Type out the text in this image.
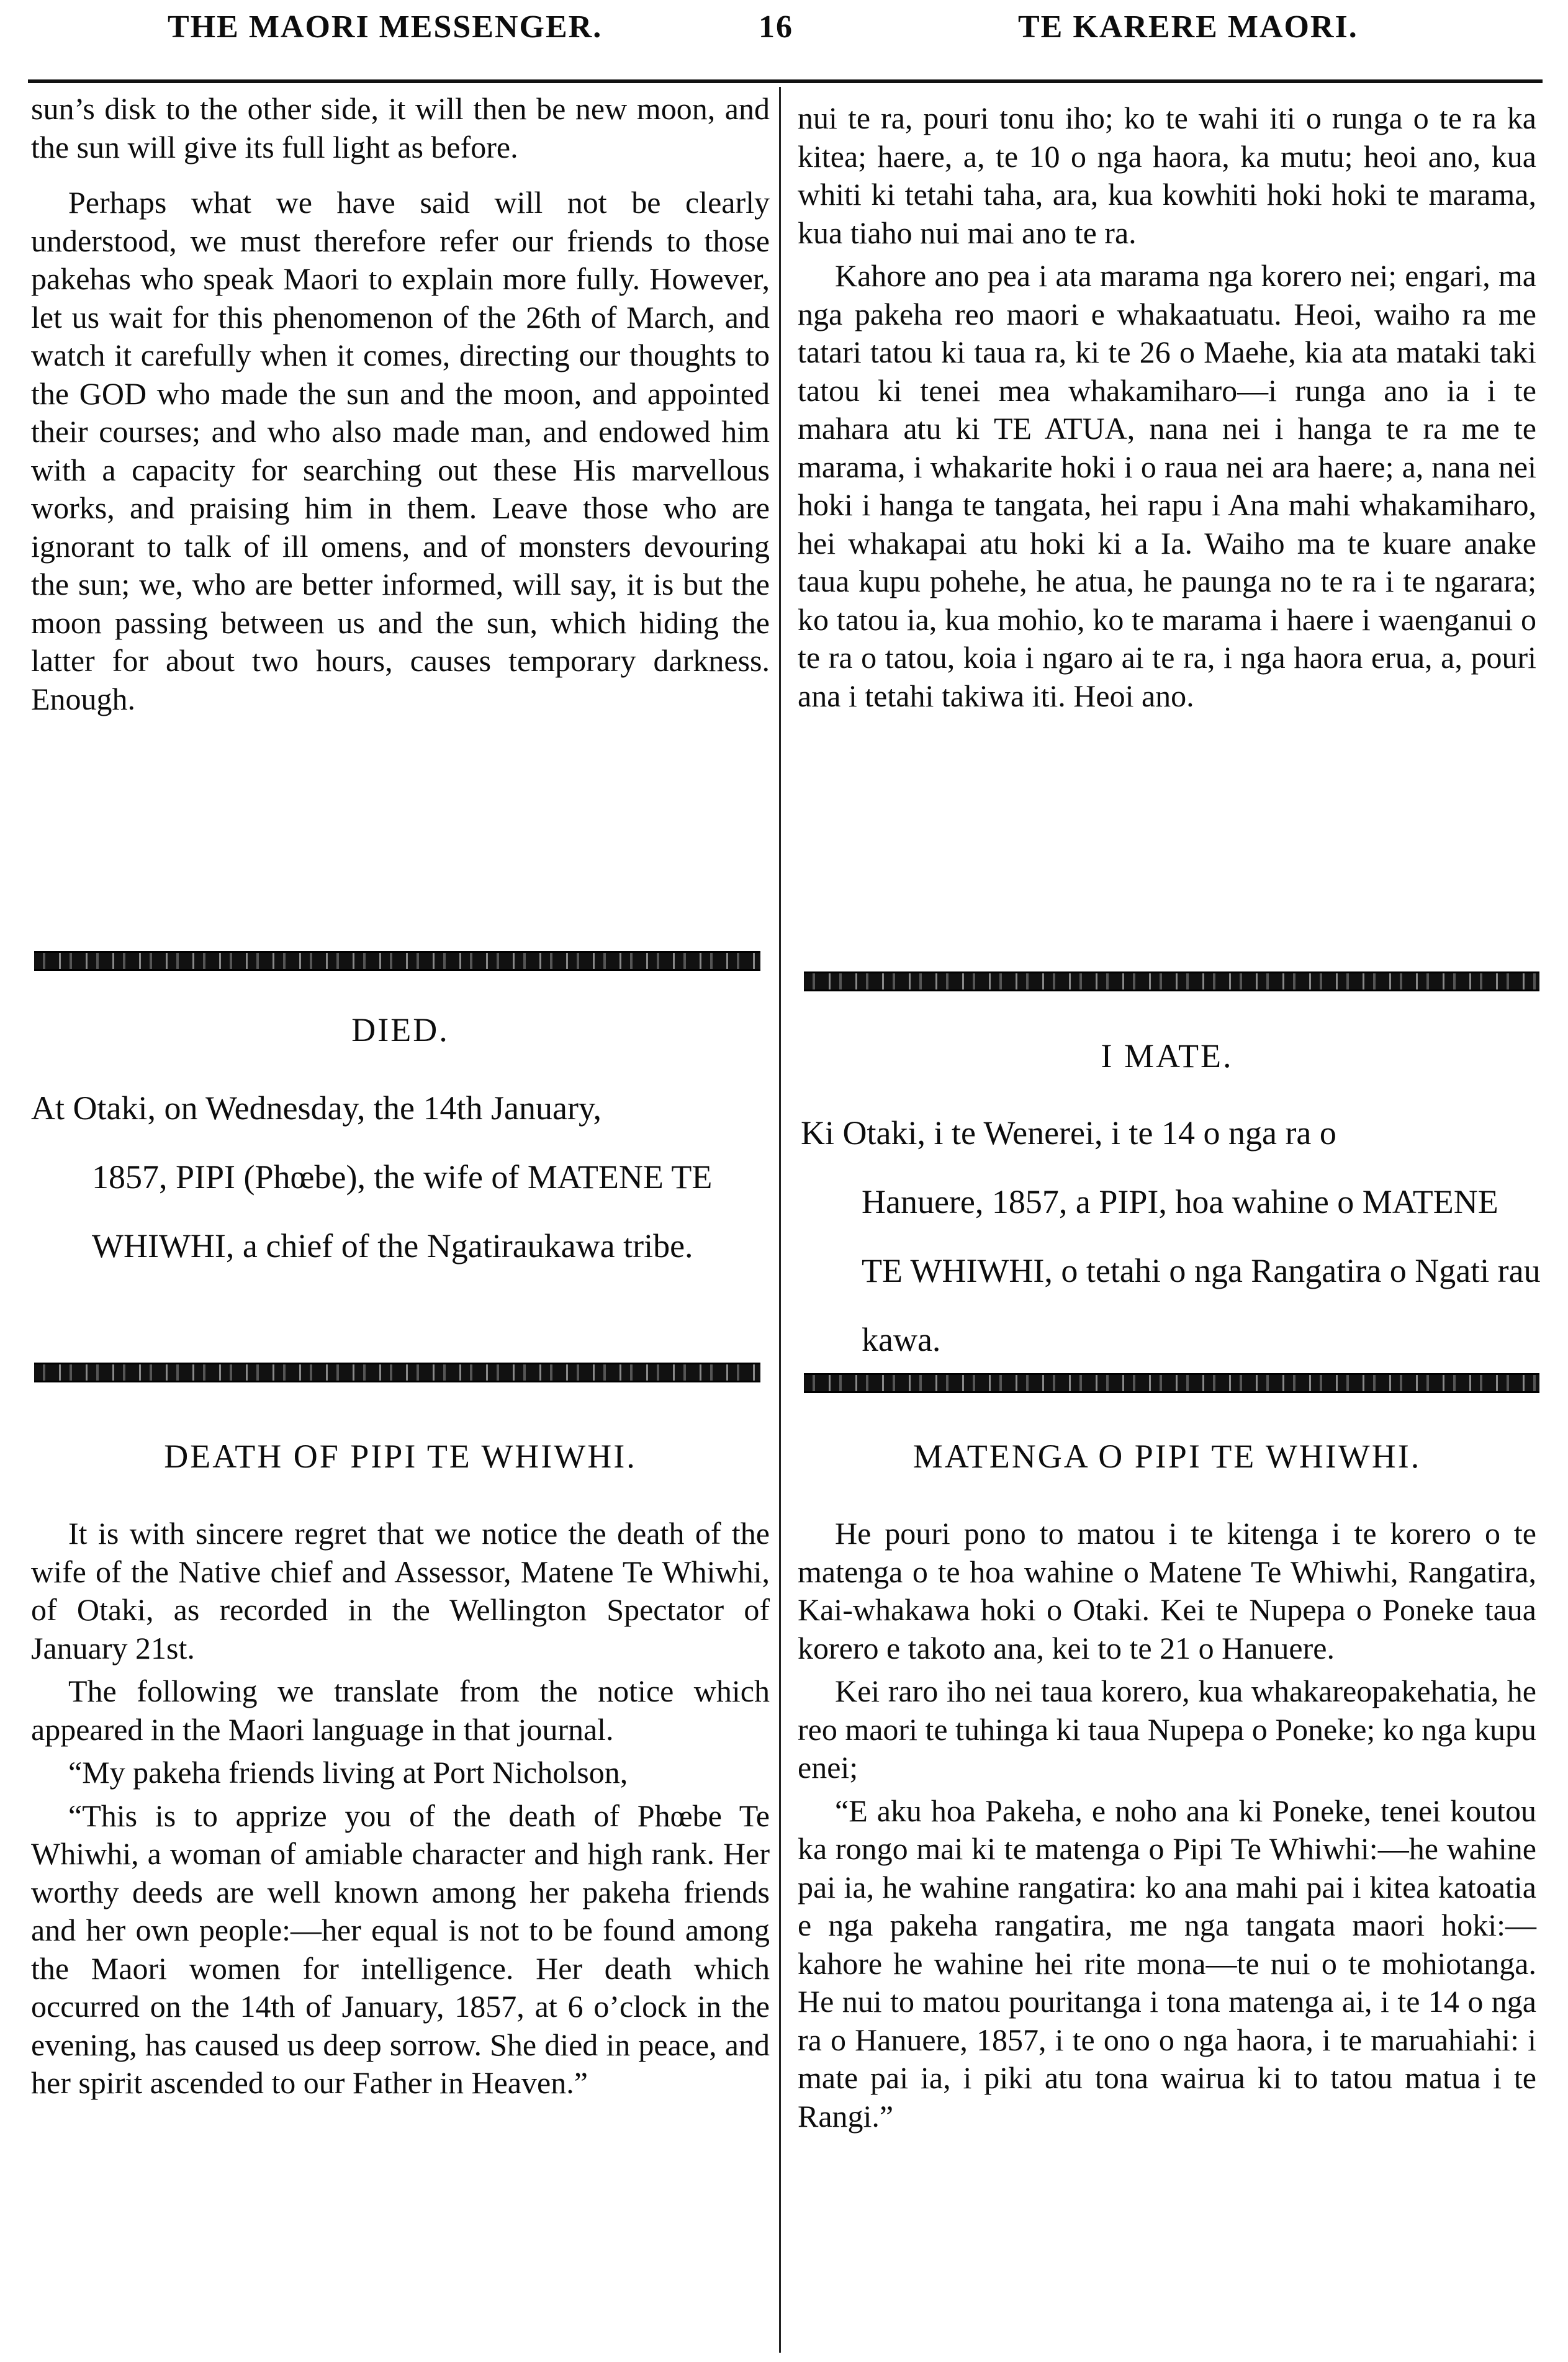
THE MAORI MESSENGER.	16	TE KARERE MAORI.

sun’s disk to the other side, it will then be new moon, and the sun will give its full light as before.

Perhaps what we have said will not be clearly understood, we must therefore refer our friends to those pakehas who speak Maori to explain more fully. However, let us wait for this phenomenon of the 26th of March, and watch it carefully when it comes, directing our thoughts to the GOD who made the sun and the moon, and appointed their courses; and who also made man, and endowed him with a capacity for searching out these His marvellous works, and praising him in them. Leave those who are ignorant to talk of ill omens, and of monsters devouring the sun; we, who are better informed, will say, it is but the moon passing between us and the sun, which hiding the latter for about two hours, causes temporary darkness. Enough.

DIED.
At Otaki, on Wednesday, the 14th January,
1857, PIPI (Phœbe), the wife of MATENE TE WHIWHI, a chief of the Ngatiraukawa tribe.
DEATH OF PIPI TE WHIWHI.

It is with sincere regret that we notice the death of the wife of the Native chief and Assessor, Matene Te Whiwhi, of Otaki, as recorded in the Wellington Spectator of January 21st.

The following we translate from the notice which appeared in the Maori language in that journal.

“My pakeha friends living at Port Nicholson,

“This is to apprize you of the death of Phœbe Te Whiwhi, a woman of amiable character and high rank. Her worthy deeds are well known among her pakeha friends and her own people:—her equal is not to be found among the Maori women for intelligence. Her death which occurred on the 14th of January, 1857, at 6 o’clock in the evening, has caused us deep sorrow. She died in peace, and her spirit ascended to our Father in Heaven.”

nui te ra, pouri tonu iho; ko te wahi iti o runga o te ra ka kitea; haere, a, te 10 o nga haora, ka mutu; heoi ano, kua whiti ki tetahi taha, ara, kua kowhiti hoki hoki te marama, kua tiaho nui mai ano te ra.

Kahore ano pea i ata marama nga korero nei; engari, ma nga pakeha reo maori e whakaatuatu. Heoi, waiho ra me tatari tatou ki taua ra, ki te 26 o Maehe, kia ata mataki taki tatou ki tenei mea whakamiharo—i runga ano ia i te mahara atu ki TE ATUA, nana nei i hanga te ra me te marama, i whakarite hoki i o raua nei ara haere; a, nana nei hoki i hanga te tangata, hei rapu i Ana mahi whakamiharo, hei whakapai atu hoki ki a Ia. Waiho ma te kuare anake taua kupu pohehe, he atua, he paunga no te ra i te ngarara; ko tatou ia, kua mohio, ko te marama i haere i waenganui o te ra o tatou, koia i ngaro ai te ra, i nga haora erua, a, pouri ana i tetahi takiwa iti. Heoi ano.

I MATE.
Ki Otaki, i te Wenerei, i te 14 o nga ra o
Hanuere, 1857, a PIPI, hoa wahine o MATENE TE WHIWHI, o tetahi o nga Rangatira o Ngati rau kawa.
MATENGA O PIPI TE WHIWHI.

He pouri pono to matou i te kitenga i te korero o te matenga o te hoa wahine o Matene Te Whiwhi, Rangatira, Kai-whakawa hoki o Otaki. Kei te Nupepa o Poneke taua korero e takoto ana, kei to te 21 o Hanuere.

Kei raro iho nei taua korero, kua whakareopakehatia, he reo maori te tuhinga ki taua Nupepa o Poneke; ko nga kupu enei;

“E aku hoa Pakeha, e noho ana ki Poneke, tenei koutou ka rongo mai ki te matenga o Pipi Te Whiwhi:—he wahine pai ia, he wahine rangatira: ko ana mahi pai i kitea katoatia e nga pakeha rangatira, me nga tangata maori hoki:—kahore he wahine hei rite mona—te nui o te mohiotanga. He nui to matou pouritanga i tona matenga ai, i te 14 o nga ra o Hanuere, 1857, i te ono o nga haora, i te maruahiahi: i mate pai ia, i piki atu tona wairua ki to tatou matua i te Rangi.”
